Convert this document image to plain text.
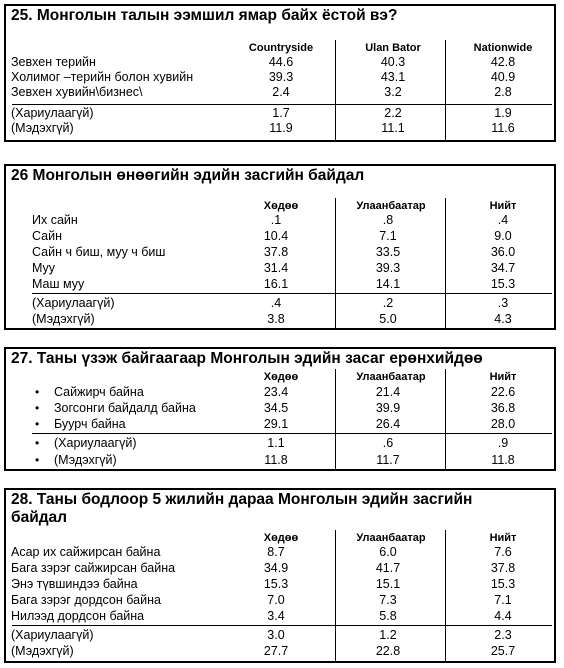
25. Монголын талын ээмшил ямар байх ёстой вэ?
Countryside	Ulan Bator	Nationwide
Зевхен терийн	44.6	40.3	42.8
Холимог –терийн болон хувийн	39.3	43.1	40.9
Зевхен хувийн\бизнес\	2.4	3.2	2.8
(Хариулаагүй)	1.7	2.2	1.9
(Мэдэхгүй)	11.9	11.1	11.6
26 Монголын өнөөгийн эдийн засгийн байдал
Хөдөө	Улаанбаатар	Нийт
Их сайн	.1	.8	.4
Сайн	10.4	7.1	9.0
Сайн ч биш, муу ч биш	37.8	33.5	36.0
Муу	31.4	39.3	34.7
Маш муу	16.1	14.1	15.3
(Хариулаагүй)	.4	.2	.3
(Мэдэхгүй)	3.8	5.0	4.3
27. Таны үзэж байгаагаар Монголын эдийн засаг ерөнхийдөө
Хөдөө	Улаанбаатар	Нийт
• Сайжирч байна	23.4	21.4	22.6
• Зогсонги байдалд байна	34.5	39.9	36.8
• Буурч байна	29.1	26.4	28.0
• (Хариулаагүй)	1.1	.6	.9
• (Мэдэхгүй)	11.8	11.7	11.8
28. Таны бодлоор 5 жилийн дараа Монголын эдийн засгийн
байдал
Хөдөө	Улаанбаатар	Нийт
Асар их сайжирсан байна	8.7	6.0	7.6
Бага зэрэг сайжирсан байна	34.9	41.7	37.8
Энэ түвшиндээ байна	15.3	15.1	15.3
Бага зэрэг дордсон байна	7.0	7.3	7.1
Нилээд дордсон байна	3.4	5.8	4.4
(Хариулаагүй)	3.0	1.2	2.3
(Мэдэхгүй)	27.7	22.8	25.7
